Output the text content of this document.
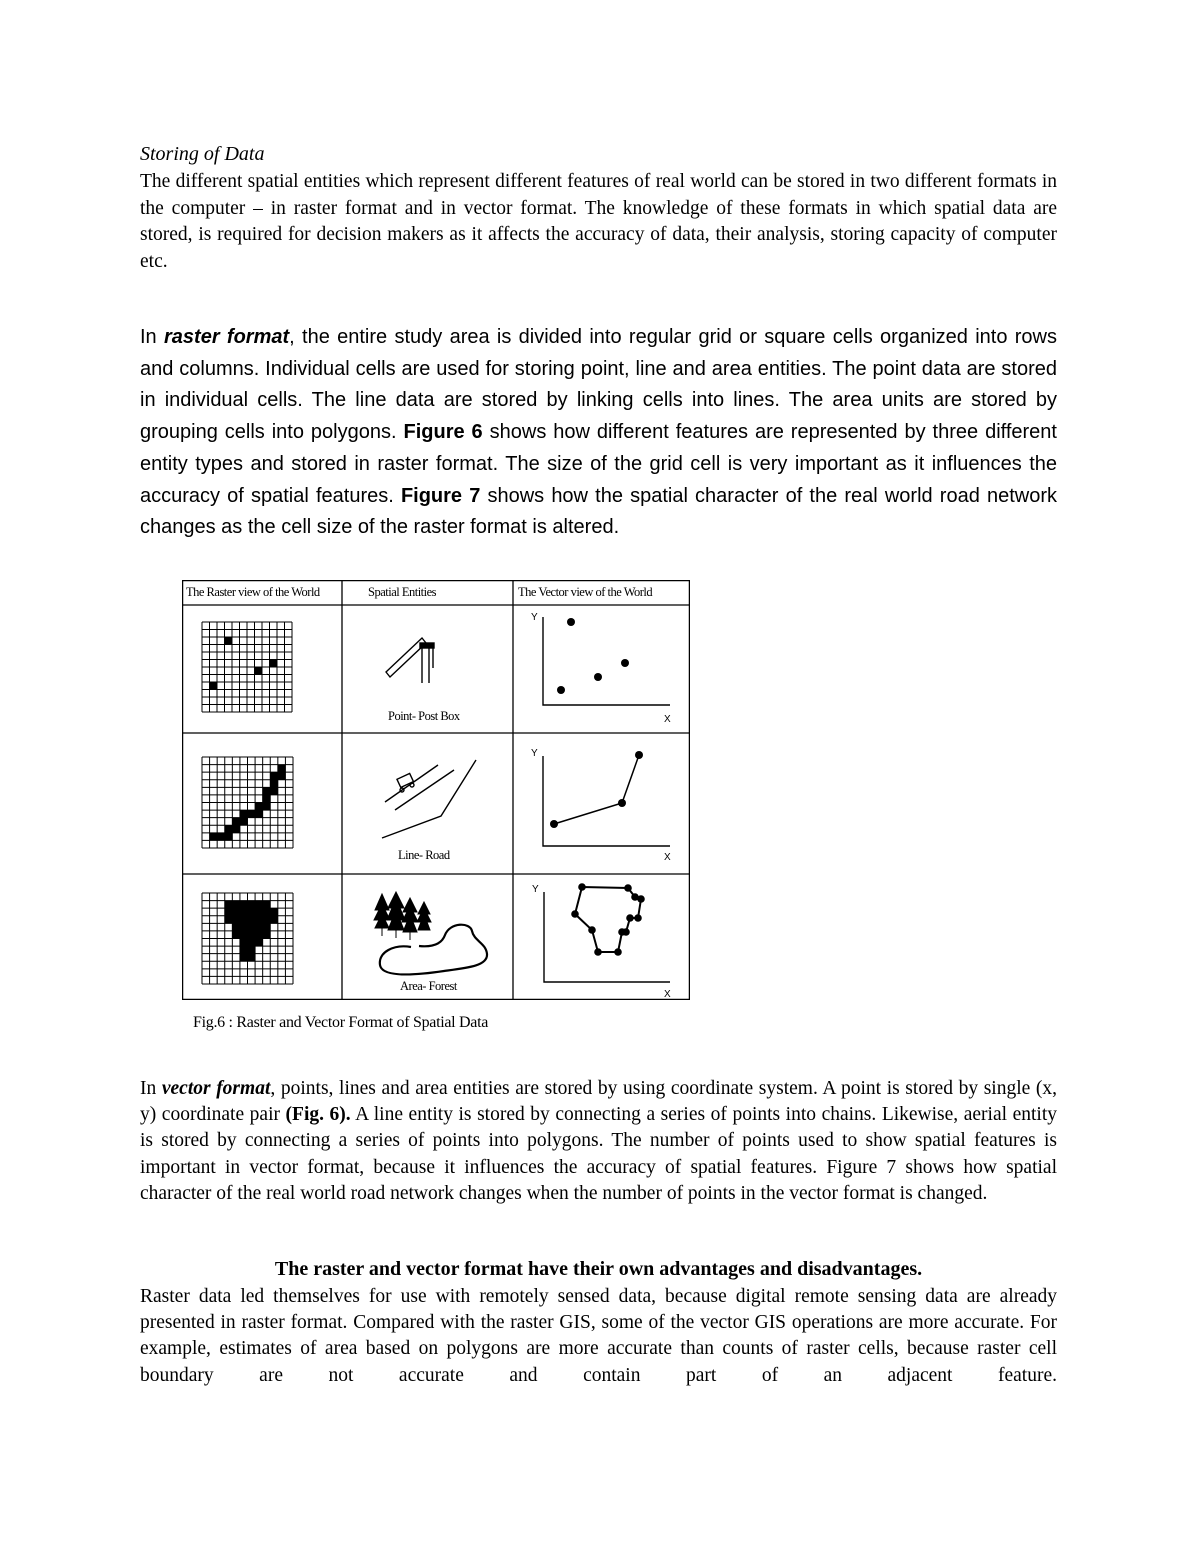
Storing of Data

The different spatial entities which represent different features of real world can be stored in two different formats in the computer – in raster format and in vector format. The knowledge of these formats in which spatial data are stored, is required for decision makers as it affects the accuracy of data, their analysis, storing capacity of computer etc.

In raster format, the entire study area is divided into regular grid or square cells organized into rows and columns. Individual cells are used for storing point, line and area entities. The point data are stored in individual cells. The line data are stored by linking cells into lines. The area units are stored by grouping cells into polygons. Figure 6 shows how different features are represented by three different entity types and stored in raster format. The size of the grid cell is very important as it influences the accuracy of spatial features. Figure 7 shows how the spatial character of the real world road network changes as the cell size of the raster format is altered.

The Raster view of the World	Spatial Entities	The Vector view of the World
Point- Post Box
Line- Road
Area- Forest
Y
X
Y
X
Y
X
Fig.6 : Raster and Vector Format of Spatial Data

In vector format, points, lines and area entities are stored by using coordinate system. A point is stored by single (x, y) coordinate pair (Fig. 6). A line entity is stored by connecting a series of points into chains. Likewise, aerial entity is stored by connecting a series of points into polygons. The number of points used to show spatial features is important in vector format, because it influences the accuracy of spatial features. Figure 7 shows how spatial character of the real world road network changes when the number of points in the vector format is changed.

The raster and vector format have their own advantages and disadvantages.

Raster data led themselves for use with remotely sensed data, because digital remote sensing data are already presented in raster format. Compared with the raster GIS, some of the vector GIS operations are more accurate. For example, estimates of area based on polygons are more accurate than counts of raster cells, because raster cell boundary are not accurate and contain part of an adjacent feature.
